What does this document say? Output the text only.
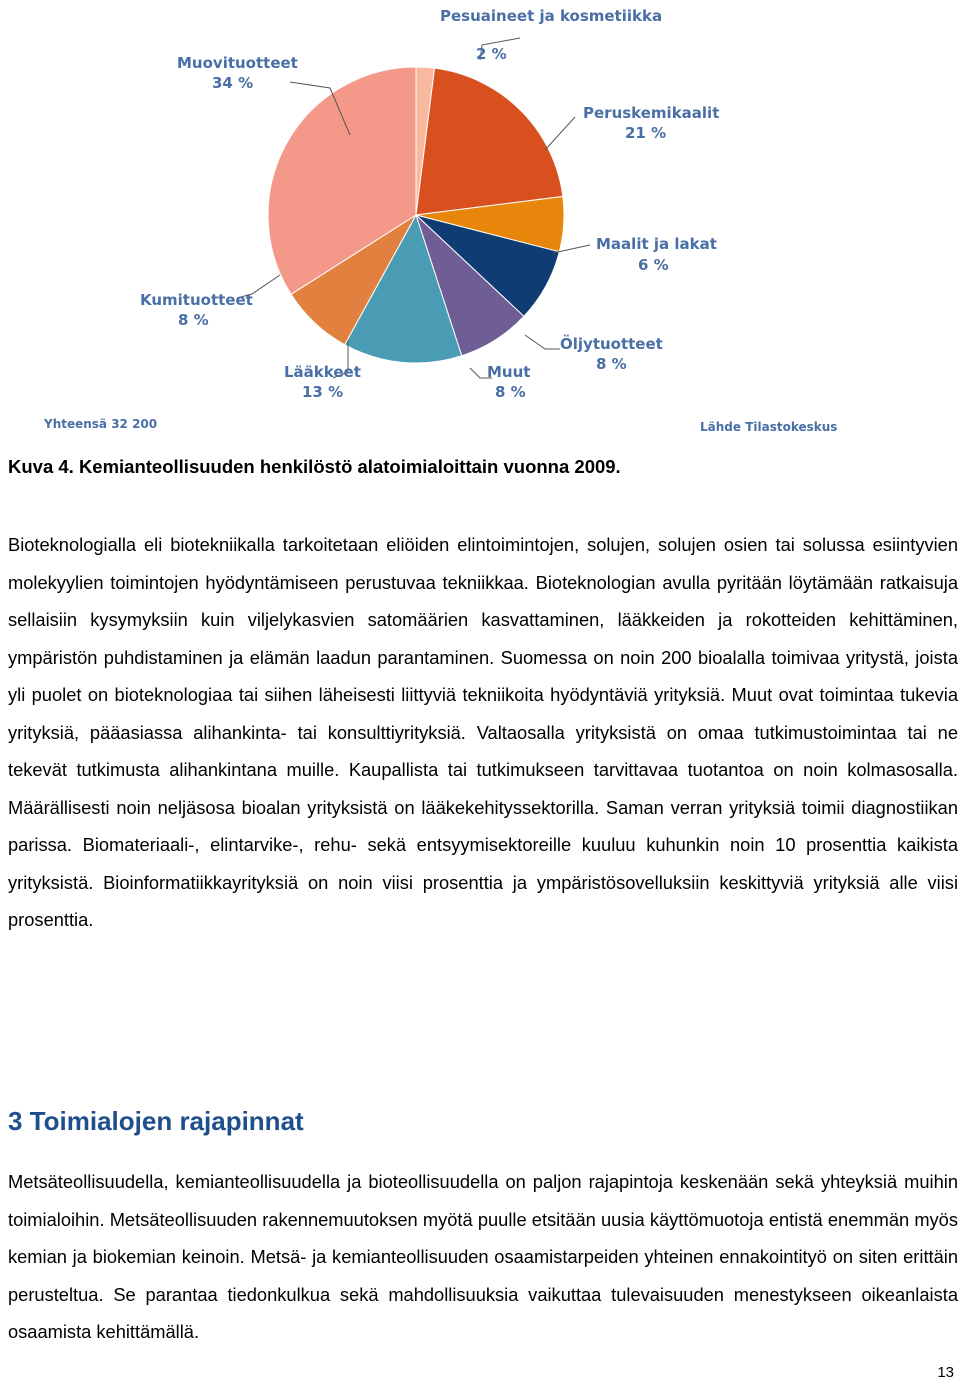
Pesuaineet ja kosmetiikka
2 %
Peruskemikaalit
21 %
Maalit ja lakat
6 %
Öljytuotteet
8 %
Muut
8 %
Lääkkeet
13 %
Kumituotteet
8 %
Muovituotteet
34 %
Yhteensä 32 200	Lähde Tilastokeskus
Kuva 4. Kemianteollisuuden henkilöstö alatoimialoittain vuonna 2009.

Bioteknologialla eli biotekniikalla tarkoitetaan eliöiden elintoimintojen, solujen, solujen osien tai solussa esiintyvien molekyylien toimintojen hyödyntämiseen perustuvaa tekniikkaa. Bioteknologian avulla pyritään löytämään ratkaisuja sellaisiin kysymyksiin kuin viljelykasvien satomäärien kasvattaminen, lääkkeiden ja rokotteiden kehittäminen, ympäristön puhdistaminen ja elämän laadun parantaminen. Suomessa on noin 200 bioalalla toimivaa yritystä, joista yli puolet on bioteknologiaa tai siihen läheisesti liittyviä tekniikoita hyödyntäviä yrityksiä. Muut ovat toimintaa tukevia yrityksiä, pääasiassa alihankinta- tai konsulttiyrityksiä. Valtaosalla yrityksistä on omaa tutkimustoimintaa tai ne tekevät tutkimusta alihankintana muille. Kaupallista tai tutkimukseen tarvittavaa tuotantoa on noin kolmasosalla. Määrällisesti noin neljäsosa bioalan yrityksistä on lääkekehityssektorilla. Saman verran yrityksiä toimii diagnostiikan parissa. Biomateriaali-, elintarvike-, rehu- sekä entsyymisektoreille kuuluu kuhunkin noin 10 prosenttia kaikista yrityksistä. Bioinformatiikkayrityksiä on noin viisi prosenttia ja ympäristösovelluksiin keskittyviä yrityksiä alle viisi prosenttia.

3 Toimialojen rajapinnat

Metsäteollisuudella, kemianteollisuudella ja bioteollisuudella on paljon rajapintoja keskenään sekä yhteyksiä muihin toimialoihin. Metsäteollisuuden rakennemuutoksen myötä puulle etsitään uusia käyttömuotoja entistä enemmän myös kemian ja biokemian keinoin. Metsä- ja kemianteollisuuden osaamistarpeiden yhteinen ennakointityö on siten erittäin perusteltua. Se parantaa tiedonkulkua sekä mahdollisuuksia vaikuttaa tulevaisuuden menestykseen oikeanlaista osaamista kehittämällä.

13
